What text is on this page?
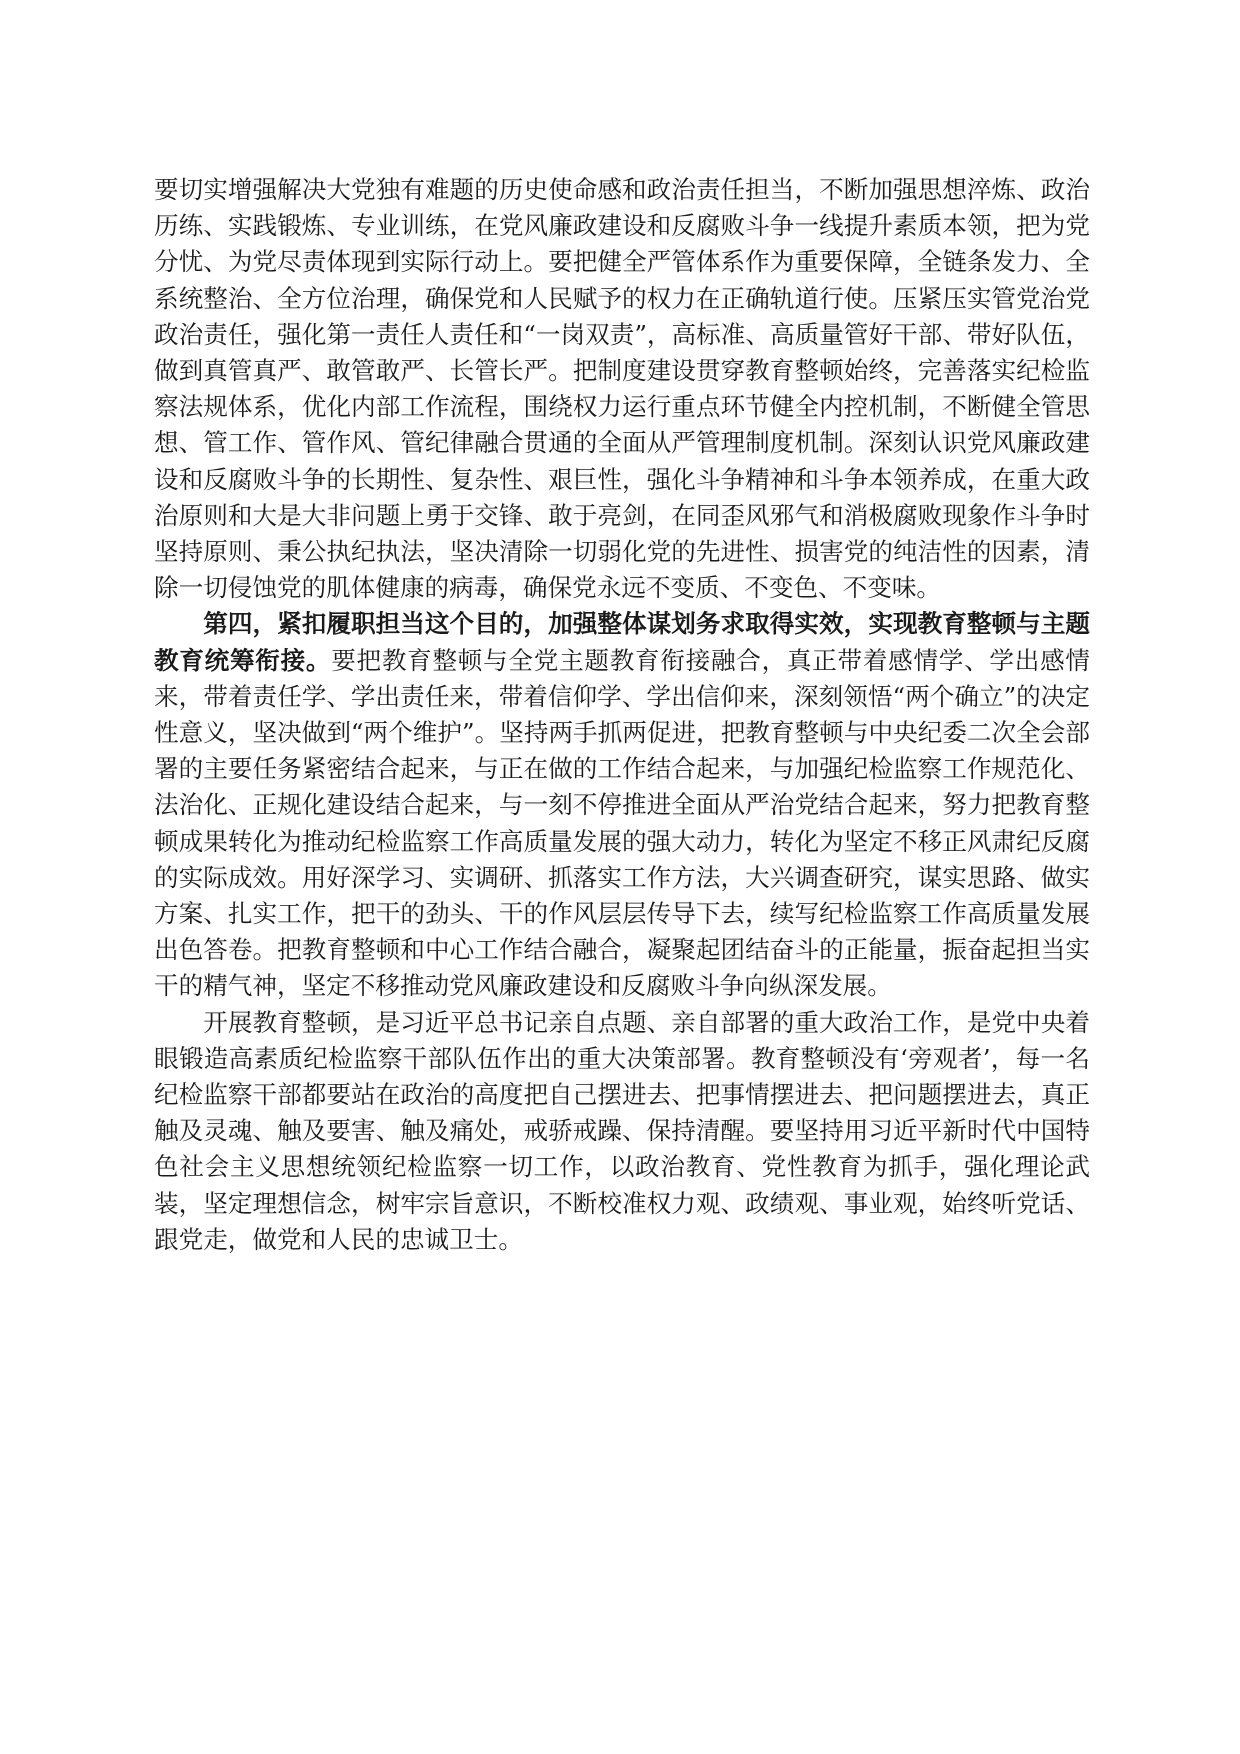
要切实增强解决大党独有难题的历史使命感和政治责任担当，不断加强思想淬炼、政治历练、实践锻炼、专业训练，在党风廉政建设和反腐败斗争一线提升素质本领，把为党分忧、为党尽责体现到实际行动上。要把健全严管体系作为重要保障，全链条发力、全系统整治、全方位治理，确保党和人民赋予的权力在正确轨道行使。压紧压实管党治党政治责任，强化第一责任人责任和“一岗双责”，高标准、高质量管好干部、带好队伍，做到真管真严、敢管敢严、长管长严。把制度建设贯穿教育整顿始终，完善落实纪检监察法规体系，优化内部工作流程，围绕权力运行重点环节健全内控机制，不断健全管思想、管工作、管作风、管纪律融合贯通的全面从严管理制度机制。深刻认识党风廉政建设和反腐败斗争的长期性、复杂性、艰巨性，强化斗争精神和斗争本领养成，在重大政治原则和大是大非问题上勇于交锋、敢于亮剑，在同歪风邪气和消极腐败现象作斗争时坚持原则、秉公执纪执法，坚决清除一切弱化党的先进性、损害党的纯洁性的因素，清除一切侵蚀党的肌体健康的病毒，确保党永远不变质、不变色、不变味。

第四，紧扣履职担当这个目的，加强整体谋划务求取得实效，实现教育整顿与主题教育统筹衔接。要把教育整顿与全党主题教育衔接融合，真正带着感情学、学出感情来，带着责任学、学出责任来，带着信仰学、学出信仰来，深刻领悟“两个确立”的决定性意义，坚决做到“两个维护”。坚持两手抓两促进，把教育整顿与中央纪委二次全会部署的主要任务紧密结合起来，与正在做的工作结合起来，与加强纪检监察工作规范化、法治化、正规化建设结合起来，与一刻不停推进全面从严治党结合起来，努力把教育整顿成果转化为推动纪检监察工作高质量发展的强大动力，转化为坚定不移正风肃纪反腐的实际成效。用好深学习、实调研、抓落实工作方法，大兴调查研究，谋实思路、做实方案、扎实工作，把干的劲头、干的作风层层传导下去，续写纪检监察工作高质量发展出色答卷。把教育整顿和中心工作结合融合，凝聚起团结奋斗的正能量，振奋起担当实干的精气神，坚定不移推动党风廉政建设和反腐败斗争向纵深发展。

开展教育整顿，是习近平总书记亲自点题、亲自部署的重大政治工作，是党中央着眼锻造高素质纪检监察干部队伍作出的重大决策部署。教育整顿没有‘旁观者’，每一名纪检监察干部都要站在政治的高度把自己摆进去、把事情摆进去、把问题摆进去，真正触及灵魂、触及要害、触及痛处，戒骄戒躁、保持清醒。要坚持用习近平新时代中国特色社会主义思想统领纪检监察一切工作，以政治教育、党性教育为抓手，强化理论武装，坚定理想信念，树牢宗旨意识，不断校准权力观、政绩观、事业观，始终听党话、跟党走，做党和人民的忠诚卫士。
